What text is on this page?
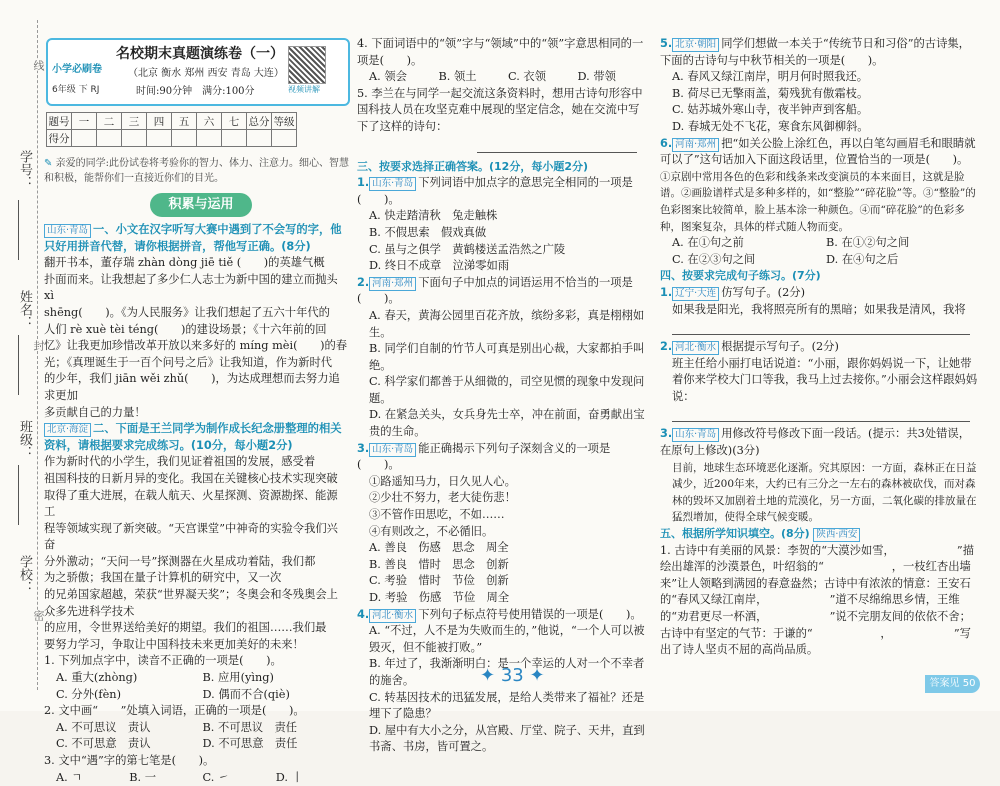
学号：
姓名：
班级：
学校：
线
封
密
小学必刷卷
6年级 下 RJ
名校期末真题演练卷（一）
（北京 衡水 郑州 西安 青岛 大连）
时间:90分钟　满分:100分	视频讲解
题号	一	二	三	四	五	六	七	总分	等级
得分									
✎ 亲爱的同学:此份试卷将考验你的智力、体力、注意力。细心、智慧和积极，能帮你们一直接近你们的目光。
积累与运用

山东·青岛 一、小文在汉字听写大赛中遇到了不会写的字，他只好用拼音代替，请你根据拼音，帮他写正确。(8分)

翻开书本，董存瑞 zhàn dòng jiē tiě (　　)的英雄气概
扑面而来。让我想起了多少仁人志士为新中国的建立而抛头 xì
shēng(　　)。《为人民服务》让我们想起了五六十年代的
人们 rè xuè tèi téng(　　)的建设场景；《十六年前的回
忆》让我更加珍惜改革开放以来多好的 míng mèi(　　)的春
光；《真理诞生于一百个问号之后》让我知道，作为新时代
的少年，我们 jiān wěi zhǔ(　　)，为达成理想而去努力追求更加
多贡献自己的力量！

北京·海淀 二、下面是王兰同学为制作成长纪念册整理的相关资料，请根据要求完成练习。(10分，每小题2分)

作为新时代的小学生，我们见证着祖国的发展，感受着
祖国科技的日新月异的变化。我国在关键核心技术实现突破
取得了重大进展，在载人航天、火星探测、资源勘探、能源工
程等领域实现了新突破。“天宫课堂”中神奇的实验令我们兴奋
分外激动；“天问一号”探测器在火星成功着陆，我们都
为之骄傲；我国在量子计算机的研究中，又一次
的兄弟国家超越，荣获“世界凝天奖”；冬奥会和冬残奥会上众多先进科学技术
的应用，令世界送给美好的期望。我们的祖国……我们最
要努力学习，争取让中国科技未来更加美好的未来！

1. 下列加点字中，读音不正确的一项是(　　)。

A. 重大(zhòng)	B. 应用(yìng)
C. 分外(fèn)	D. 偶而不合(qiè)

2. 文中画“　　”处填入词语，正确的一项是(　　)。

A. 不可思议　责认	B. 不可思议　责任
C. 不可思意　责认	D. 不可思意　责任

3. 文中“遇”字的第七笔是(　　)。

A. ㄱ	B. 一	C. ㇀	D. 丨

4. 下面词语中的“领”字与“领域”中的“领”字意思相同的一项是(　　)。

A. 领会	B. 领土	C. 衣领	D. 带领

5. 李兰在与同学一起交流这条资料时，想用古诗句形容中国科技人员在攻坚克难中展现的坚定信念，她在交流中写下了这样的诗句：

三、按要求选择正确答案。(12分，每小题2分)

1. 山东·青岛 下列词语中加点字的意思完全相同的一项是(　　)。

A. 快走踏清秋　兔走触株
B. 不假思索　假戏真做
C. 虽与之俱学　黄鹤楼送孟浩然之广陵
D. 终日不成章　泣涕零如雨

2. 河南·郑州 下面句子中加点的词语运用不恰当的一项是(　　)。

A. 春天，黄海公园里百花齐放，缤纷多彩，真是栩栩如生。
B. 同学们自制的竹节人可真是别出心裁，大家都拍手叫绝。
C. 科学家们都善于从细微的，司空见惯的现象中发现问题。
D. 在紧急关头，女兵身先士卒，冲在前面，奋勇献出宝贵的生命。

3. 山东·青岛 能正确揭示下列句子深刻含义的一项是(　　)。

①路遥知马力，日久见人心。
②少壮不努力，老大徒伤悲！
③不管作田思吃，不如……
④有则改之，不必循旧。
A. 善良　伤感　思念　周全
B. 善良　惜时　思念　创新
C. 考验　惜时　节俭　创新
D. 考验　伤感　节俭　周全

4. 河北·衡水 下列句子标点符号使用错误的一项是(　　)。

A. “不过，人不是为失败而生的，”他说，“一个人可以被毁灭，但不能被打败。”
B. 年过了，我渐渐明白：是一个幸运的人对一个不幸者的施舍。
C. 转基因技术的迅猛发展，是给人类带来了福祉？还是埋下了隐患？
D. 屋中有大小之分，从宫殿、厅堂、院子、天井，直到书斋、书房，皆可置之。

5. 北京·朝阳 同学们想做一本关于“传统节日和习俗”的古诗集，下面的古诗句与中秋节相关的一项是(　　)。

A. 春风又绿江南岸，明月何时照我还。
B. 荷尽已无擎雨盖，菊残犹有傲霜枝。
C. 姑苏城外寒山寺，夜半钟声到客船。
D. 春城无处不飞花，寒食东风御柳斜。

6. 河南·郑州 把“如关公脸上涂红色，再以白笔勾画眉毛和眼睛就可以了”这句话加入下面这段话里，位置恰当的一项是(　　)。

①京剧中常用各色的色彩和线条来改变演员的本来面目，这就是脸谱。②画脸谱样式是多种多样的，如“整脸”“碎花脸”等。③“整脸”的色彩图案比较简单，脸上基本涂一种颜色。④而“碎花脸”的色彩多种，图案复杂，具体的样式随人物而变。

A. 在①句之前	B. 在①②句之间
C. 在②③句之间	D. 在④句之后

四、按要求完成句子练习。(7分)

1. 辽宁·大连 仿写句子。(2分)

如果我是阳光，我将照亮所有的黑暗；如果我是清风，我将

2. 河北·衡水 根据提示写句子。(2分)

班主任给小丽打电话说道：“小丽，跟你妈妈说一下，让她带着你来学校大门口等我，我马上过去接你。”小丽会这样跟妈妈说：

3. 山东·青岛 用修改符号修改下面一段话。(提示：共3处错误，在原句上修改)(3分)

目前，地球生态环境恶化逐渐。究其原因：一方面，森林正在日益减少，近200年来，大约已有三分之一左右的森林被砍伐，而对森林的毁坏又加剧着土地的荒漠化，另一方面，二氧化碳的排放量在猛烈增加，使得全球气候变暖。

五、根据所学知识填空。(8分) 陕西·西安

1. 古诗中有美丽的风景：李贺的“大漠沙如雪，　　　　　　”描绘出雄浑的沙漠景色，叶绍翁的“　　　　　　，一枝红杏出墙来”让人领略到满园的春意盎然；古诗中有浓浓的情意：王安石的“春风又绿江南岸，　　　　　　”道不尽绵绵思乡情，王维的“劝君更尽一杯酒，　　　　　　”说不完朋友间的依依不舍；古诗中有坚定的气节：于谦的“　　　　　　，　　　　　　”写出了诗人坚贞不屈的高尚品质。

✦ 33 ✦	答案见 50
